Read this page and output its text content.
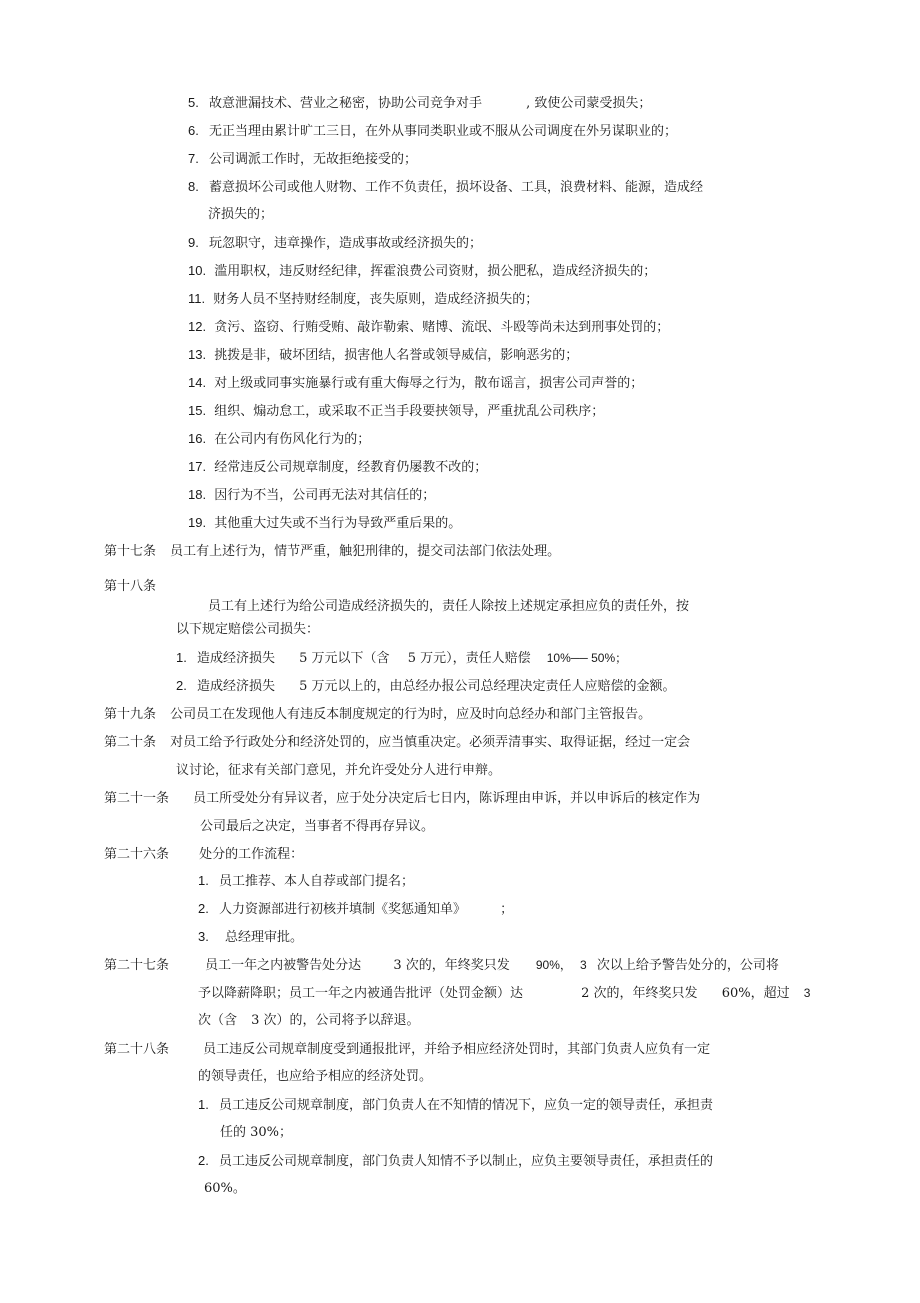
5. 故意泄漏技术、营业之秘密，协助公司竞争对手	, 致使公司蒙受损失；
6. 无正当理由累计旷工三日，在外从事同类职业或不服从公司调度在外另谋职业的；
7. 公司调派工作时，无故拒绝接受的；
8. 蓄意损坏公司或他人财物、工作不负责任，损坏设备、工具，浪费材料、能源，造成经
济损失的；
9. 玩忽职守，违章操作，造成事故或经济损失的；
10. 滥用职权，违反财经纪律，挥霍浪费公司资财，损公肥私，造成经济损失的；
11. 财务人员不坚持财经制度，丧失原则，造成经济损失的；
12. 贪污、盗窃、行贿受贿、敲诈勒索、赌博、流氓、斗殴等尚未达到刑事处罚的；
13. 挑拨是非，破坏团结，损害他人名誉或领导威信，影响恶劣的；
14. 对上级或同事实施暴行或有重大侮辱之行为，散布谣言，损害公司声誉的；
15. 组织、煽动怠工，或采取不正当手段要挟领导，严重扰乱公司秩序；
16. 在公司内有伤风化行为的；
17. 经常违反公司规章制度，经教育仍屡教不改的；
18. 因行为不当，公司再无法对其信任的；
19. 其他重大过失或不当行为导致严重后果的。
第十七条 员工有上述行为，情节严重，触犯刑律的，提交司法部门依法处理。
第十八条
员工有上述行为给公司造成经济损失的，责任人除按上述规定承担应负的责任外，按
以下规定赔偿公司损失：
1. 造成经济损失 5 万元以下（含 5 万元），责任人赔偿 10%── 50%；
2. 造成经济损失 5 万元以上的，由总经办报公司总经理决定责任人应赔偿的金额。
第十九条 公司员工在发现他人有违反本制度规定的行为时，应及时向总经办和部门主管报告。
第二十条 对员工给予行政处分和经济处罚的，应当慎重决定。必须弄清事实、取得证据，经过一定会
议讨论，征求有关部门意见，并允许受处分人进行申辩。
第二十一条 员工所受处分有异议者，应于处分决定后七日内，陈诉理由申诉，并以申诉后的核定作为
公司最后之决定，当事者不得再存异议。
第二十六条 处分的工作流程：
1. 员工推荐、本人自荐或部门提名；
2. 人力资源部进行初核并填制《奖惩通知单》	；
3. 总经理审批。
第二十七条	员工一年之内被警告处分达 3 次的，年终奖只发 90%， 3 次以上给予警告处分的，公司将
予以降薪降职；员工一年之内被通告批评（处罚金额）达	2 次的，年终奖只发 60%，超过 3
次（含 3 次）的，公司将予以辞退。
第二十八条	员工违反公司规章制度受到通报批评，并给予相应经济处罚时，其部门负责人应负有一定
的领导责任，也应给予相应的经济处罚。
1. 员工违反公司规章制度，部门负责人在不知情的情况下，应负一定的领导责任，承担责
任的 30%；
2. 员工违反公司规章制度，部门负责人知情不予以制止，应负主要领导责任，承担责任的
60%。
